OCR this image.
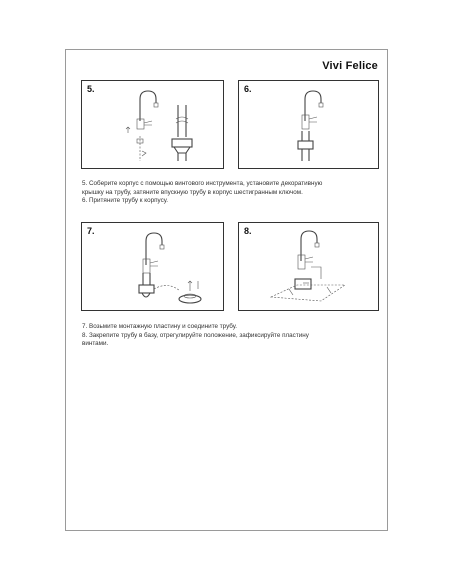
Vivi Felice
5.	6.

5. Соберите корпус с помощью винтового инструмента, установите декоративную

крышку на трубу, затяните впускную трубу в корпус шестигранным ключом.

6. Притяните трубу к корпусу.

7.	8.

7. Возьмите монтажную пластину и соедините трубу.

8. Закрепите трубу в базу, отрегулируйте положение, зафиксируйте пластину

винтами.
